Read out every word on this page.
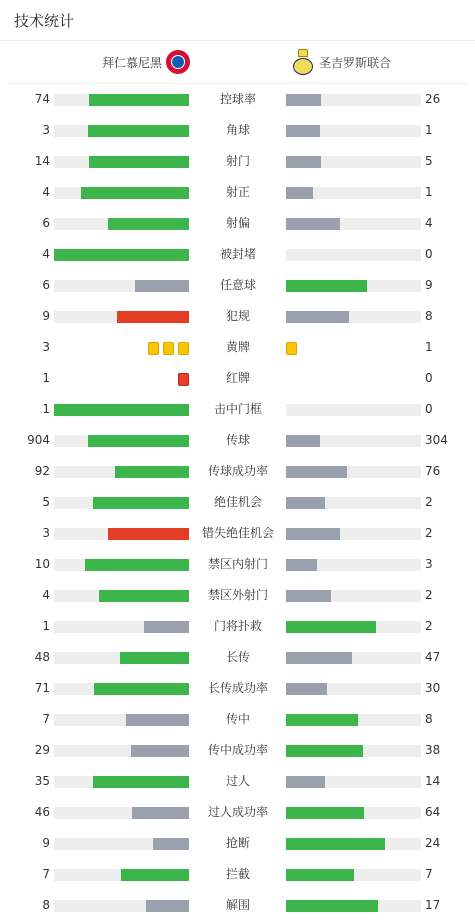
技术统计
拜仁慕尼黑	圣吉罗斯联合
74	控球率	26
3	角球	1
14	射门	5
4	射正	1
6	射偏	4
4	被封堵	0
6	任意球	9
9	犯规	8
3	黄牌	1
1	红牌	0
1	击中门框	0
904	传球	304
92	传球成功率	76
5	绝佳机会	2
3	错失绝佳机会	2
10	禁区内射门	3
4	禁区外射门	2
1	门将扑救	2
48	长传	47
71	长传成功率	30
7	传中	8
29	传中成功率	38
35	过人	14
46	过人成功率	64
9	抢断	24
7	拦截	7
8	解围	17
